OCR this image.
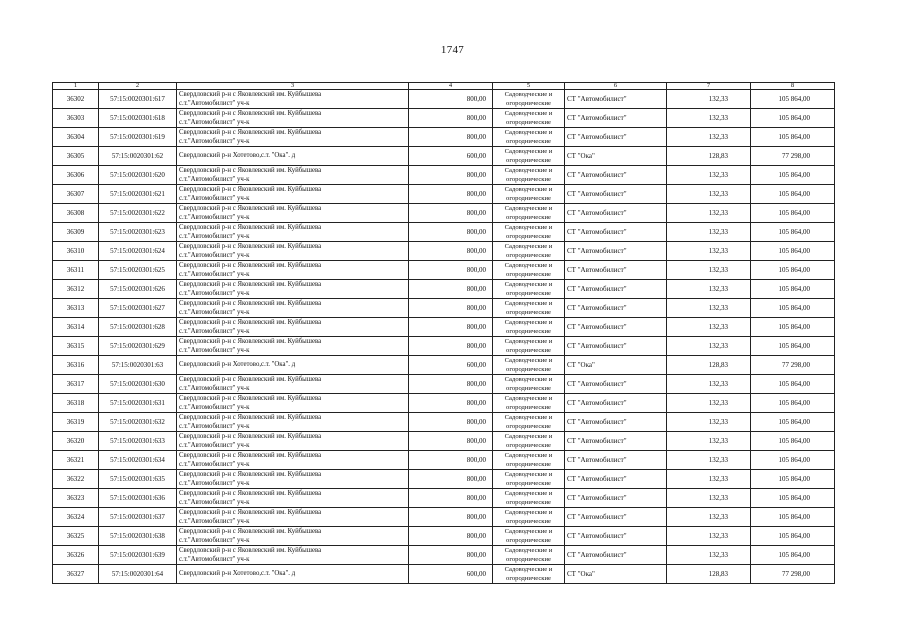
1747
1	2	3	4	5	6	7	8
36302	57:15:0020301:617	Свердловский р-н с Яковлевский им. Куйбышева
с.т."Автомобилист" уч-к	800,00	Садоводческие и
огороднические	СТ "Автомобилист"	132,33	105 864,00
36303	57:15:0020301:618	Свердловский р-н с Яковлевский им. Куйбышева
с.т."Автомобилист" уч-к	800,00	Садоводческие и
огороднические	СТ "Автомобилист"	132,33	105 864,00
36304	57:15:0020301:619	Свердловский р-н с Яковлевский им. Куйбышева
с.т."Автомобилист" уч-к	800,00	Садоводческие и
огороднические	СТ "Автомобилист"	132,33	105 864,00
36305	57:15:0020301:62	Свердловский р-н Хотетово,с.т. "Ока". д	600,00	Садоводческие и
огороднические	СТ "Ока"	128,83	77 298,00
36306	57:15:0020301:620	Свердловский р-н с Яковлевский им. Куйбышева
с.т."Автомобилист" уч-к	800,00	Садоводческие и
огороднические	СТ "Автомобилист"	132,33	105 864,00
36307	57:15:0020301:621	Свердловский р-н с Яковлевский им. Куйбышева
с.т."Автомобилист" уч-к	800,00	Садоводческие и
огороднические	СТ "Автомобилист"	132,33	105 864,00
36308	57:15:0020301:622	Свердловский р-н с Яковлевский им. Куйбышева
с.т."Автомобилист" уч-к	800,00	Садоводческие и
огороднические	СТ "Автомобилист"	132,33	105 864,00
36309	57:15:0020301:623	Свердловский р-н с Яковлевский им. Куйбышева
с.т."Автомобилист" уч-к	800,00	Садоводческие и
огороднические	СТ "Автомобилист"	132,33	105 864,00
36310	57:15:0020301:624	Свердловский р-н с Яковлевский им. Куйбышева
с.т."Автомобилист" уч-к	800,00	Садоводческие и
огороднические	СТ "Автомобилист"	132,33	105 864,00
36311	57:15:0020301:625	Свердловский р-н с Яковлевский им. Куйбышева
с.т."Автомобилист" уч-к	800,00	Садоводческие и
огороднические	СТ "Автомобилист"	132,33	105 864,00
36312	57:15:0020301:626	Свердловский р-н с Яковлевский им. Куйбышева
с.т."Автомобилист" уч-к	800,00	Садоводческие и
огороднические	СТ "Автомобилист"	132,33	105 864,00
36313	57:15:0020301:627	Свердловский р-н с Яковлевский им. Куйбышева
с.т."Автомобилист" уч-к	800,00	Садоводческие и
огороднические	СТ "Автомобилист"	132,33	105 864,00
36314	57:15:0020301:628	Свердловский р-н с Яковлевский им. Куйбышева
с.т."Автомобилист" уч-к	800,00	Садоводческие и
огороднические	СТ "Автомобилист"	132,33	105 864,00
36315	57:15:0020301:629	Свердловский р-н с Яковлевский им. Куйбышева
с.т."Автомобилист" уч-к	800,00	Садоводческие и
огороднические	СТ "Автомобилист"	132,33	105 864,00
36316	57:15:0020301:63	Свердловский р-н Хотетово,с.т. "Ока". д	600,00	Садоводческие и
огороднические	СТ "Ока"	128,83	77 298,00
36317	57:15:0020301:630	Свердловский р-н с Яковлевский им. Куйбышева
с.т."Автомобилист" уч-к	800,00	Садоводческие и
огороднические	СТ "Автомобилист"	132,33	105 864,00
36318	57:15:0020301:631	Свердловский р-н с Яковлевский им. Куйбышева
с.т."Автомобилист" уч-к	800,00	Садоводческие и
огороднические	СТ "Автомобилист"	132,33	105 864,00
36319	57:15:0020301:632	Свердловский р-н с Яковлевский им. Куйбышева
с.т."Автомобилист" уч-к	800,00	Садоводческие и
огороднические	СТ "Автомобилист"	132,33	105 864,00
36320	57:15:0020301:633	Свердловский р-н с Яковлевский им. Куйбышева
с.т."Автомобилист" уч-к	800,00	Садоводческие и
огороднические	СТ "Автомобилист"	132,33	105 864,00
36321	57:15:0020301:634	Свердловский р-н с Яковлевский им. Куйбышева
с.т."Автомобилист" уч-к	800,00	Садоводческие и
огороднические	СТ "Автомобилист"	132,33	105 864,00
36322	57:15:0020301:635	Свердловский р-н с Яковлевский им. Куйбышева
с.т."Автомобилист" уч-к	800,00	Садоводческие и
огороднические	СТ "Автомобилист"	132,33	105 864,00
36323	57:15:0020301:636	Свердловский р-н с Яковлевский им. Куйбышева
с.т."Автомобилист" уч-к	800,00	Садоводческие и
огороднические	СТ "Автомобилист"	132,33	105 864,00
36324	57:15:0020301:637	Свердловский р-н с Яковлевский им. Куйбышева
с.т."Автомобилист" уч-к	800,00	Садоводческие и
огороднические	СТ "Автомобилист"	132,33	105 864,00
36325	57:15:0020301:638	Свердловский р-н с Яковлевский им. Куйбышева
с.т."Автомобилист" уч-к	800,00	Садоводческие и
огороднические	СТ "Автомобилист"	132,33	105 864,00
36326	57:15:0020301:639	Свердловский р-н с Яковлевский им. Куйбышева
с.т."Автомобилист" уч-к	800,00	Садоводческие и
огороднические	СТ "Автомобилист"	132,33	105 864,00
36327	57:15:0020301:64	Свердловский р-н Хотетово,с.т. "Ока". д	600,00	Садоводческие и
огороднические	СТ "Ока"	128,83	77 298,00
